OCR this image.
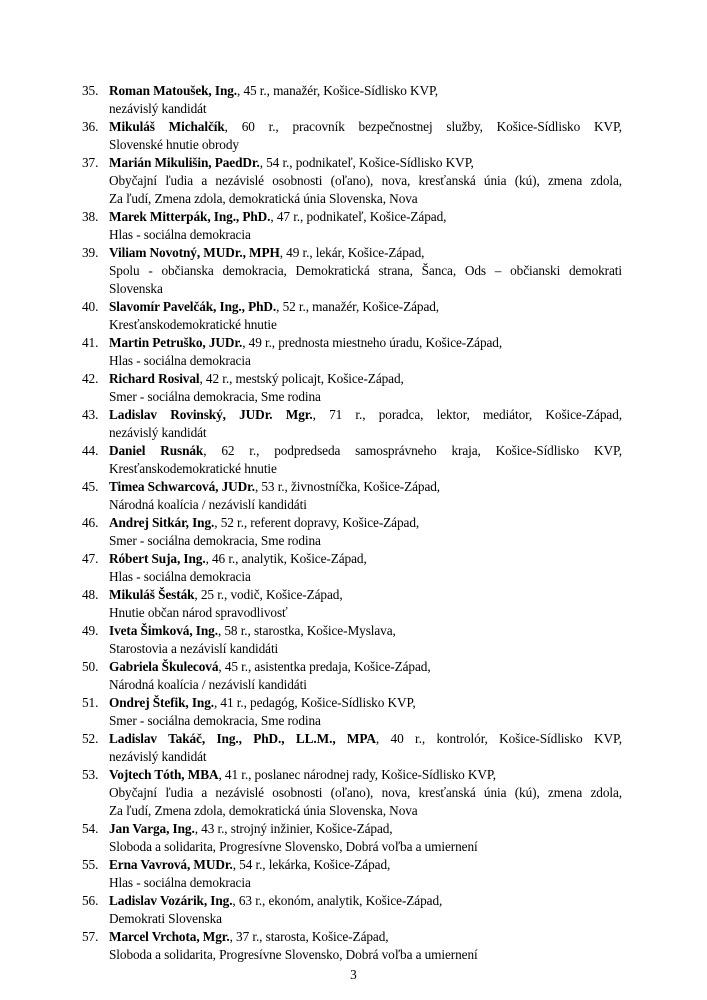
35. Roman Matoušek, Ing., 45 r., manažér, Košice-Sídlisko KVP,
nezávislý kandidát
36. Mikuláš Michalčík, 60 r., pracovník bezpečnostnej služby, Košice-Sídlisko KVP,
Slovenské hnutie obrody
37. Marián Mikulišin, PaedDr., 54 r., podnikateľ, Košice-Sídlisko KVP,
Obyčajní ľudia a nezávislé osobnosti (oľano), nova, kresťanská únia (kú), zmena zdola,
Za ľudí, Zmena zdola, demokratická únia Slovenska, Nova
38. Marek Mitterpák, Ing., PhD., 47 r., podnikateľ, Košice-Západ,
Hlas - sociálna demokracia
39. Viliam Novotný, MUDr., MPH, 49 r., lekár, Košice-Západ,
Spolu - občianska demokracia, Demokratická strana, Šanca, Ods – občianski demokrati
Slovenska
40. Slavomír Pavelčák, Ing., PhD., 52 r., manažér, Košice-Západ,
Kresťanskodemokratické hnutie
41. Martin Petruško, JUDr., 49 r., prednosta miestneho úradu, Košice-Západ,
Hlas - sociálna demokracia
42. Richard Rosival, 42 r., mestský policajt, Košice-Západ,
Smer - sociálna demokracia, Sme rodina
43. Ladislav Rovinský, JUDr. Mgr., 71 r., poradca, lektor, mediátor, Košice-Západ,
nezávislý kandidát
44. Daniel Rusnák, 62 r., podpredseda samosprávneho kraja, Košice-Sídlisko KVP,
Kresťanskodemokratické hnutie
45. Timea Schwarcová, JUDr., 53 r., živnostníčka, Košice-Západ,
Národná koalícia / nezávislí kandidáti
46. Andrej Sitkár, Ing., 52 r., referent dopravy, Košice-Západ,
Smer - sociálna demokracia, Sme rodina
47. Róbert Suja, Ing., 46 r., analytik, Košice-Západ,
Hlas - sociálna demokracia
48. Mikuláš Šesták, 25 r., vodič, Košice-Západ,
Hnutie občan národ spravodlivosť
49. Iveta Šimková, Ing., 58 r., starostka, Košice-Myslava,
Starostovia a nezávislí kandidáti
50. Gabriela Škulecová, 45 r., asistentka predaja, Košice-Západ,
Národná koalícia / nezávislí kandidáti
51. Ondrej Štefik, Ing., 41 r., pedagóg, Košice-Sídlisko KVP,
Smer - sociálna demokracia, Sme rodina
52. Ladislav Takáč, Ing., PhD., LL.M., MPA, 40 r., kontrolór, Košice-Sídlisko KVP,
nezávislý kandidát
53. Vojtech Tóth, MBA, 41 r., poslanec národnej rady, Košice-Sídlisko KVP,
Obyčajní ľudia a nezávislé osobnosti (oľano), nova, kresťanská únia (kú), zmena zdola,
Za ľudí, Zmena zdola, demokratická únia Slovenska, Nova
54. Jan Varga, Ing., 43 r., strojný inžinier, Košice-Západ,
Sloboda a solidarita, Progresívne Slovensko, Dobrá voľba a umiernení
55. Erna Vavrová, MUDr., 54 r., lekárka, Košice-Západ,
Hlas - sociálna demokracia
56. Ladislav Vozárik, Ing., 63 r., ekonóm, analytik, Košice-Západ,
Demokrati Slovenska
57. Marcel Vrchota, Mgr., 37 r., starosta, Košice-Západ,
Sloboda a solidarita, Progresívne Slovensko, Dobrá voľba a umiernení
3
